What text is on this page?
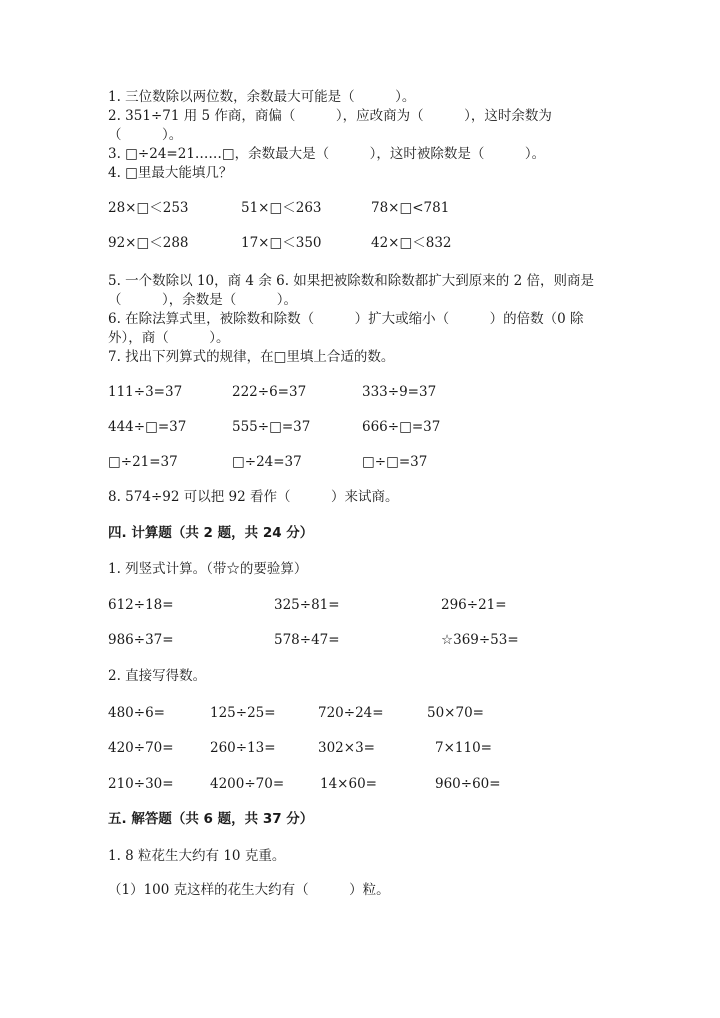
1. 三位数除以两位数，余数最大可能是（　　　）。
2. 351÷71 用 5 作商，商偏（　　　），应改商为（　　　），这时余数为
（　　　）。
3. □÷24=21……□，余数最大是（　　　），这时被除数是（　　　）。
4. □里最大能填几？
28×□＜253	51×□＜263	78×□<781
92×□＜288	17×□＜350	42×□＜832
5. 一个数除以 10，商 4 余 6. 如果把被除数和除数都扩大到原来的 2 倍，则商是
（　　　），余数是（　　　）。
6. 在除法算式里，被除数和除数（　　　）扩大或缩小（　　　）的倍数（0 除
外），商（　　　）。
7. 找出下列算式的规律，在□里填上合适的数。
111÷3=37	222÷6=37	333÷9=37
444÷□=37	555÷□=37	666÷□=37
□÷21=37	□÷24=37	□÷□=37
8. 574÷92 可以把 92 看作（　　　）来试商。
四. 计算题（共 2 题，共 24 分）
1. 列竖式计算。（带☆的要验算）
612÷18=	325÷81=	296÷21=
986÷37=	578÷47=	☆369÷53=
2. 直接写得数。
480÷6=	125÷25=	720÷24=	50×70=
420÷70=	260÷13=	302×3=	7×110=
210÷30=	4200÷70=	14×60=	960÷60=
五. 解答题（共 6 题，共 37 分）
1. 8 粒花生大约有 10 克重。
（1）100 克这样的花生大约有（　　　）粒。
